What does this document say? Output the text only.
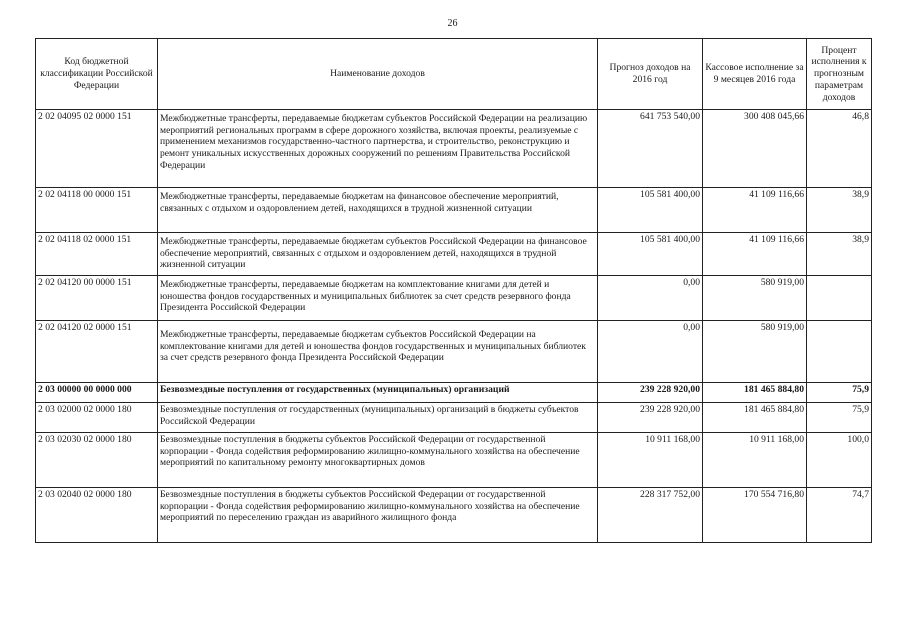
26
Код бюджетной классификации Российской Федерации	Наименование доходов	Прогноз доходов на 2016 год	Кассовое исполнение за 9 месяцев 2016 года	Процент исполнения к прогнозным параметрам доходов
2 02 04095 02 0000 151	Межбюджетные трансферты, передаваемые бюджетам субъектов Российской Федерации на реализацию мероприятий региональных программ в сфере дорожного хозяйства, включая проекты, реализуемые с применением механизмов государственно-частного партнерства, и строительство, реконструкцию и ремонт уникальных искусственных дорожных сооружений по решениям Правительства Российской Федерации	641 753 540,00	300 408 045,66	46,8
2 02 04118 00 0000 151	Межбюджетные трансферты, передаваемые бюджетам на финансовое обеспечение мероприятий, связанных с отдыхом и оздоровлением детей, находящихся в трудной жизненной ситуации	105 581 400,00	41 109 116,66	38,9
2 02 04118 02 0000 151	Межбюджетные трансферты, передаваемые бюджетам субъектов Российской Федерации на финансовое обеспечение мероприятий, связанных с отдыхом и оздоровлением детей, находящихся в трудной жизненной ситуации	105 581 400,00	41 109 116,66	38,9
2 02 04120 00 0000 151	Межбюджетные трансферты, передаваемые бюджетам на комплектование книгами для детей и юношества фондов государственных и муниципальных библиотек за счет средств резервного фонда Президента Российской Федерации	0,00	580 919,00	
2 02 04120 02 0000 151	Межбюджетные трансферты, передаваемые бюджетам субъектов Российской Федерации на комплектование книгами для детей и юношества фондов государственных и муниципальных библиотек за счет средств резервного фонда Президента Российской Федерации	0,00	580 919,00	
2 03 00000 00 0000 000	Безвозмездные поступления от государственных (муниципальных) организаций	239 228 920,00	181 465 884,80	75,9
2 03 02000 02 0000 180	Безвозмездные поступления от государственных (муниципальных) организаций в бюджеты субъектов Российской Федерации	239 228 920,00	181 465 884,80	75,9
2 03 02030 02 0000 180	Безвозмездные поступления в бюджеты субъектов Российской Федерации от государственной корпорации - Фонда содействия реформированию жилищно-коммунального хозяйства на обеспечение мероприятий по капитальному ремонту многоквартирных домов	10 911 168,00	10 911 168,00	100,0
2 03 02040 02 0000 180	Безвозмездные поступления в бюджеты субъектов Российской Федерации от государственной корпорации - Фонда содействия реформированию жилищно-коммунального хозяйства на обеспечение мероприятий по переселению граждан из аварийного жилищного фонда	228 317 752,00	170 554 716,80	74,7
